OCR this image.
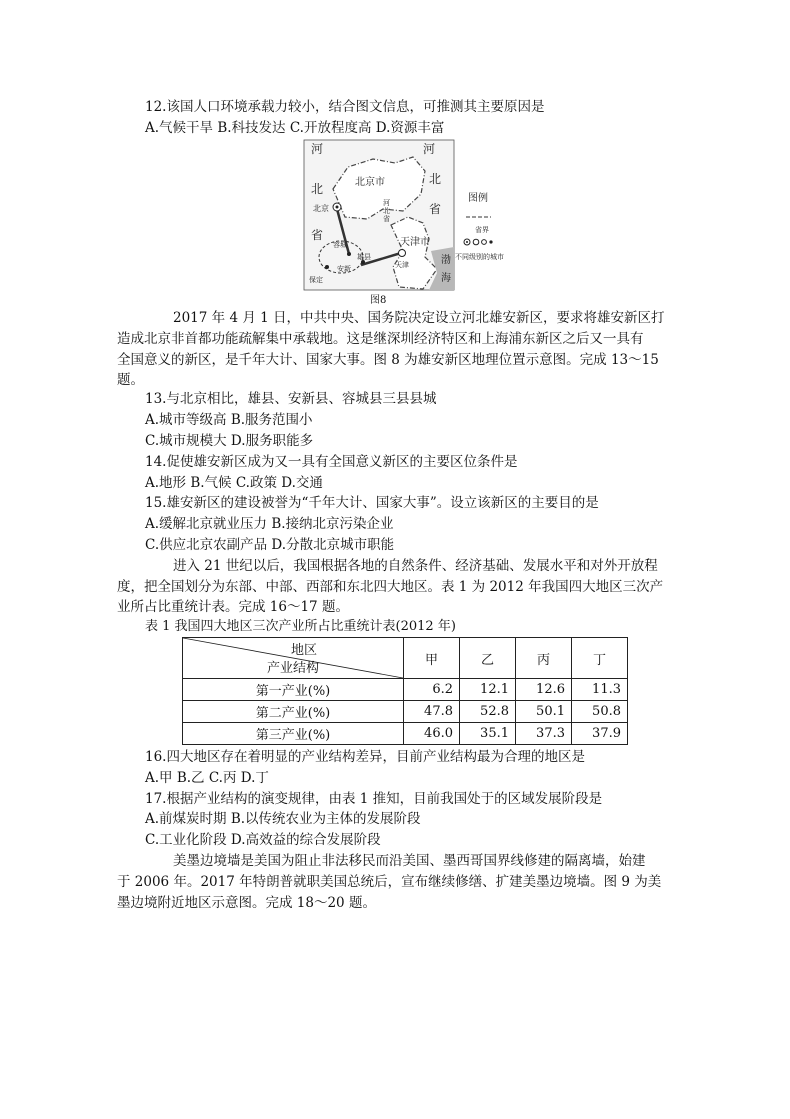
12.该国人口环境承载力较小，结合图文信息，可推测其主要原因是
A.气候干旱 B.科技发达 C.开放程度高 D.资源丰富
河
北
省
河
北
省
北京市
北京
河
北
省
天津市
天津
容城
安新
雄县
保定
渤
海
图例
省界
不同级别的城市
图8
2017 年 4 月 1 日，中共中央、国务院决定设立河北雄安新区，要求将雄安新区打
造成北京非首都功能疏解集中承载地。这是继深圳经济特区和上海浦东新区之后又一具有
全国意义的新区，是千年大计、国家大事。图 8 为雄安新区地理位置示意图。完成 13～15
题。
13.与北京相比，雄县、安新县、容城县三县县城
A.城市等级高 B.服务范围小
C.城市规模大 D.服务职能多
14.促使雄安新区成为又一具有全国意义新区的主要区位条件是
A.地形 B.气候 C.政策 D.交通
15.雄安新区的建设被誉为“千年大计、国家大事”。设立该新区的主要目的是
A.缓解北京就业压力 B.接纳北京污染企业
C.供应北京农副产品 D.分散北京城市职能
进入 21 世纪以后，我国根据各地的自然条件、经济基础、发展水平和对外开放程
度，把全国划分为东部、中部、西部和东北四大地区。表 1 为 2012 年我国四大地区三次产
业所占比重统计表。完成 16～17 题。
表 1 我国四大地区三次产业所占比重统计表(2012 年)
地区
产业结构	甲	乙	丙	丁
第一产业(%)	6.2	12.1	12.6	11.3
第二产业(%)	47.8	52.8	50.1	50.8
第三产业(%)	46.0	35.1	37.3	37.9
16.四大地区存在着明显的产业结构差异，目前产业结构最为合理的地区是
A.甲 B.乙 C.丙 D.丁
17.根据产业结构的演变规律，由表 1 推知，目前我国处于的区域发展阶段是
A.前煤炭时期 B.以传统农业为主体的发展阶段
C.工业化阶段 D.高效益的综合发展阶段
美墨边境墙是美国为阻止非法移民而沿美国、墨西哥国界线修建的隔离墙，始建
于 2006 年。2017 年特朗普就职美国总统后，宣布继续修缮、扩建美墨边境墙。图 9 为美
墨边境附近地区示意图。完成 18～20 题。
